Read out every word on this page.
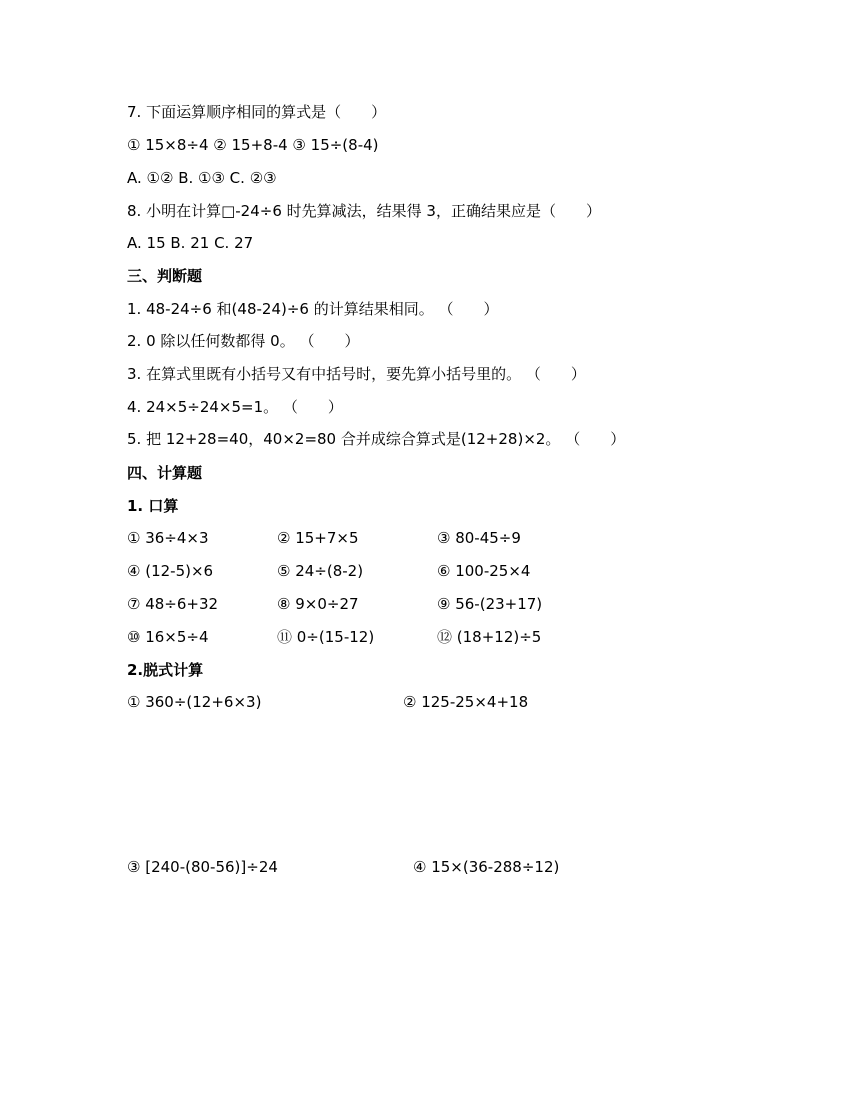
7. 下面运算顺序相同的算式是（　　）
① 15×8÷4 ② 15+8-4 ③ 15÷(8-4)
A. ①② B. ①③ C. ②③
8. 小明在计算□-24÷6 时先算减法，结果得 3，正确结果应是（　　）
A. 15 B. 21 C. 27
三、判断题
1. 48-24÷6 和(48-24)÷6 的计算结果相同。 （　　）
2. 0 除以任何数都得 0。 （　　）
3. 在算式里既有小括号又有中括号时，要先算小括号里的。 （　　）
4. 24×5÷24×5=1。 （　　）
5. 把 12+28=40，40×2=80 合并成综合算式是(12+28)×2。 （　　）
四、计算题
1. 口算
① 36÷4×3	② 15+7×5	③ 80-45÷9
④ (12-5)×6	⑤ 24÷(8-2)	⑥ 100-25×4
⑦ 48÷6+32	⑧ 9×0÷27	⑨ 56-(23+17)
⑩ 16×5÷4	⑪ 0÷(15-12)	⑫ (18+12)÷5
2.脱式计算
① 360÷(12+6×3)	② 125-25×4+18
③ [240-(80-56)]÷24	④ 15×(36-288÷12)
